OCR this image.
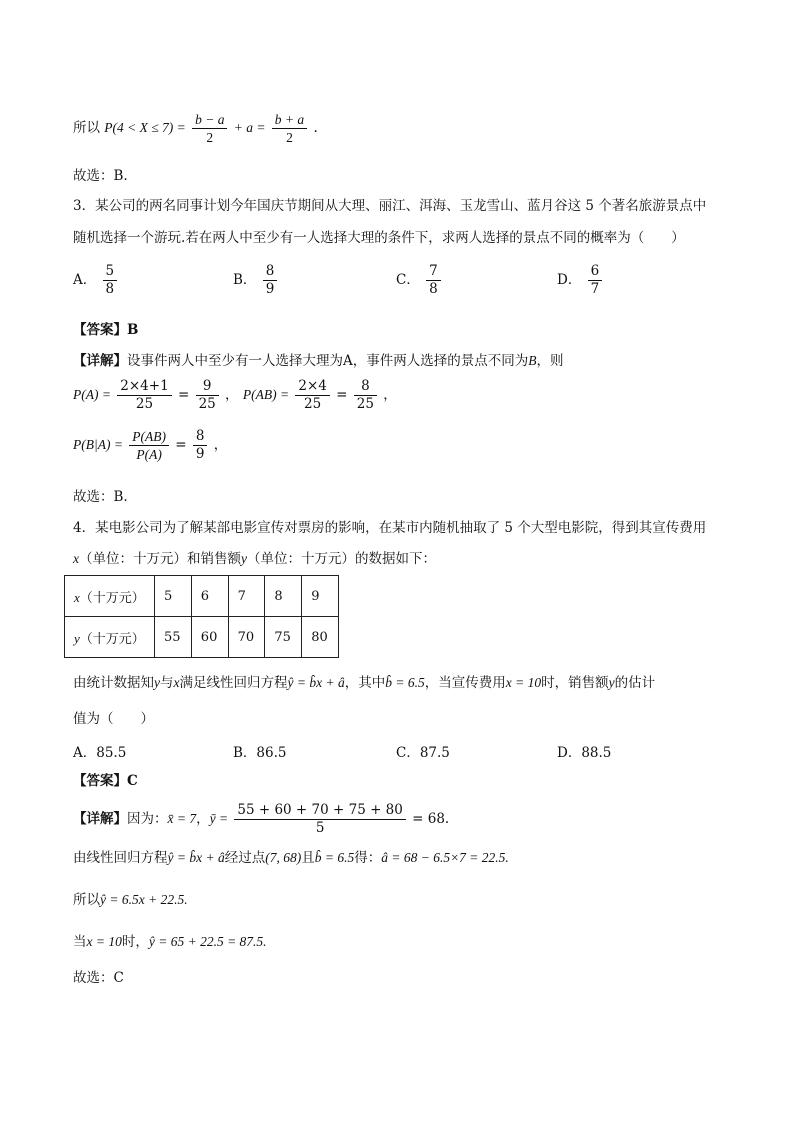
所以 $P(4 < X \le 7) = \frac{b - a}{2} + a = \frac{b + a}{2}$ .
故选：B.
3．某公司的两名同事计划今年国庆节期间从大理、丽江、洱海、玉龙雪山、蓝月谷这 5 个著名旅游景点中
随机选择一个游玩.若在两人中至少有一人选择大理的条件下，求两人选择的景点不同的概率为（　　）
A． $\frac{5}{8}$	B． $\frac{8}{9}$	C． $\frac{7}{8}$	D． $\frac{6}{7}$
【答案】B
【详解】设事件两人中至少有一人选择大理为A，事件两人选择的景点不同为B，则
$P(A) = \frac{2\times 4+1}{25} = \frac{9}{25}$ ， $P(AB) = \frac{2\times 4}{25} = \frac{8}{25}$ ，
$P(B|A) = \frac{P(AB)}{P(A)} = \frac{8}{9}$ ，
故选：B.
4．某电影公司为了解某部电影宣传对票房的影响，在某市内随机抽取了 5 个大型电影院，得到其宣传费用
x（单位：十万元）和销售额y（单位：十万元）的数据如下：
x（十万元）	5	6	7	8	9
y（十万元）	55	60	70	75	80
由统计数据知y与x满足线性回归方程ŷ = b̂x + â，其中b̂ = 6.5，当宣传费用x = 10时，销售额y的估计
值为（　　）
A．85.5	B．86.5	C．87.5	D．88.5
【答案】C
【详解】因为：x̄ = 7，ȳ = $\frac{55 + 60 + 70 + 75 + 80}{5} = 68$.
由线性回归方程ŷ = b̂x + â经过点(7, 68)且b̂ = 6.5得：â = 68 − 6.5×7 = 22.5.
所以ŷ = 6.5x + 22.5.
当x = 10时，ŷ = 65 + 22.5 = 87.5.
故选：C
